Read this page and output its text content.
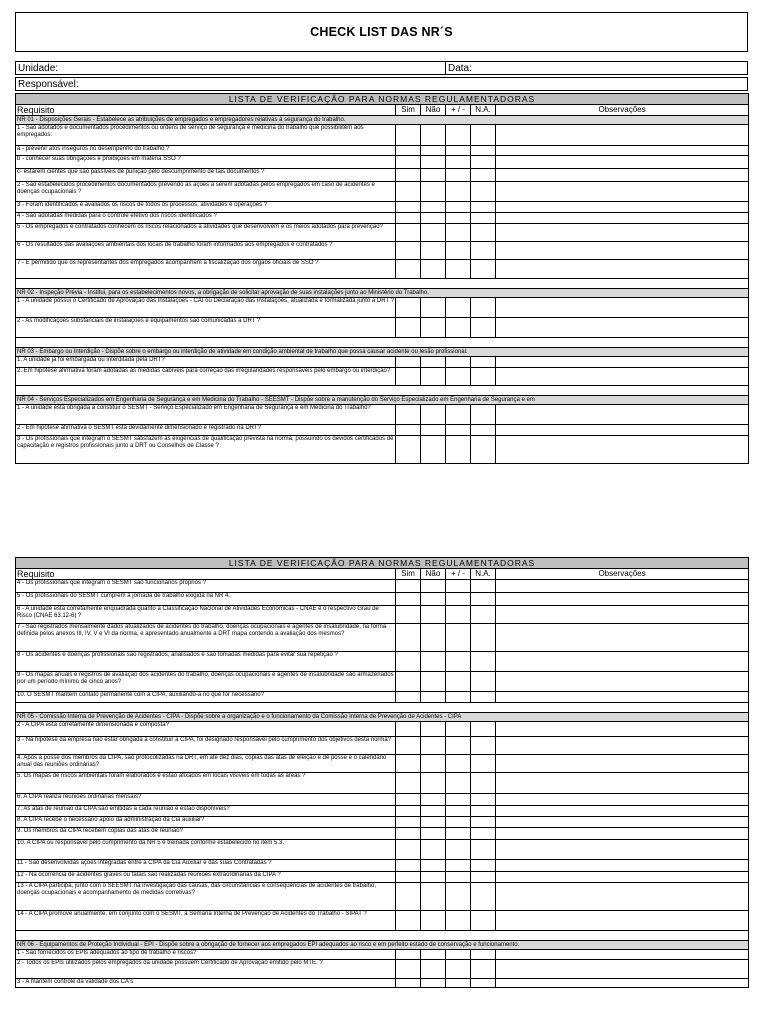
CHECK LIST DAS NR´S
Unidade:	Data:
Responsável:
LISTA DE VERIFICAÇÃO PARA NORMAS REGULAMENTADORAS					
Requisito	Sim	Não	+ / -	N.A.	Observações
NR 01 - Disposições Gerais - Estabelece as atribuições de empregados e empregadores relativas à segurança do trabalho.					
1 - São adotados e documentados procedimentos ou ordens de serviço de segurança e medicina do trabalho que possibilitem aos empregados:					
a - prevenir atos inseguros no desempenho do trabalho ?					
b - conhecer suas obrigações e proibições em matéria SSO ?					
c- estarem cientes que são passíveis de punição pelo descumprimento de tais documentos ?					
2 - São estabelecidos procedimentos documentados prevendo as ações a serem adotadas pelos empregados em caso de acidentes e doenças ocupacionais ?					
3 - Foram identificados e avaliados os riscos de todos os processos, atividades e operações ?					
4 - São adotadas medidas para o controle efetivo dos riscos identificados ?					
5 - Os empregados e contratados conhecem os riscos relacionados a atividades que desenvolvem e os meios adotados para prevenção?					
6 - Os resultados das avaliações ambientais dos locais de trabalho foram informados aos empregados e contratados ?					
7 - É permitido que os representantes dos empregados acompanhem a fiscalização dos orgãos oficiais de SSO ?					

NR 02 - Inspeção Prévia - Institui, para os estabelecimentos novos, a obrigação de solicitar aprovação de suas instalações junto ao Ministério do Trabalho.					
1 - A unidade possui o Certificado de Aprovação das Instalações - CAI ou Declaração das Instalações, atualizada e formalizada junto a DRT ?					
2 - As modificações substanciais de instalações e equipamentos são comunicadas a DRT ?					

NR 03 - Embargo ou Interdição - Dispõe sobre o embargo ou interdição de atividade em condição ambiental de trabalho que possa causar acidente ou lesão profissional.					
1. A unidade já foi embargada ou interditada pela DRT?					
2. Em hipótese afirmativa foram adotadas as medidas cabíveis para correção das irregularidades responsáveis pelo embargo ou interdição?					

NR 04 - Serviços Especializados em Engenharia de Segurança e em Medicina do Trabalho - SEESMT - Dispõe sobre a manutenção do Serviço Especializado em Engenharia de Segurança e em					
1 - A unidade está obrigada a constituir o SESMT - Serviço Especializado em Engenharia de Segurança e em Medicina do Trabalho?					
2 - Em hipótese afirmativa o SESMT está devidamente dimensionado e registrado na DRT?					
3 - Os profissionais que integram o SESMT satisfazem as exigências de qualificação prevista na norma, possuindo os devidos certificados de capacitação e registros profissionais junto a DRT ou Conselhos de Classe ?					
LISTA DE VERIFICAÇÃO PARA NORMAS REGULAMENTADORAS					
Requisito	Sim	Não	+ / -	N.A.	Observações
4 - Os profissionais que integram o SESMT são funcionários próprios ?					
5 - Os profissionais do SESMT cumprem a jornada de trabalho exigida na NR 4.					
6 - A unidade está corretamente enquadrada quanto a Classificação Nacional de Atividades Econômicas - CNAE e o respectivo Grau de Risco (CNAE 63.12-6) ?					
7 - São registrados mensalmente dados atualizados de acidentes do trabalho, doenças ocupacionais e agentes de insalubridade, na forma definida pelos anexos III, IV, V e VI da norma, e apresentado anualmente a DRT mapa contendo a avaliação dos mesmos?					
8 - Os acidentes e doenças profissionais são registrados, analisados e são tomadas medidas para evitar sua repetição ?					
9 - Os mapas anuais e registros de avaliação dos acidentes do trabalho, doenças ocupacionais e agentes de insalubridade são armazenados por um período mínimo de cinco anos?					
10. O SESMT mantém contato permanente com a CIPA, auxiliando-a no que for necessário?					

NR 05 - Comissão Interna de Prevenção de Acidentes - CIPA - Dispõe sobre a organização e o funcionamento da Comissão Interna de Prevenção de Acidentes - CIPA					
2 - A CIPA está corretamente dimensionada e composta?					
3 - Na hipótese da empresa não estar obrigada a constituir a CIPA, foi designado responsável pelo cumprimento dos objetivos desta norma?					
4. Após a posse dos membros da CIPA, são protocolizadas na DRT, em até dez dias, cópias das atas de eleição e de posse e o calendário anual das reuniões ordinárias?					
5. Os mapas de riscos ambientais foram elaborados e estão afixados em locais visíveis em todas as áreas ?					
6. A CIPA realiza reuniões ordinárias mensais?					
7. As atas de reunião da CIPA são emitidas a cada reunião e estão disponíveis?					
8. A CIPA recebe o necessário apoio da administração da Cia auxiliar?					
9. Os membros da CIPA recebem cópias das atas de reunião?					
10. A CIPA ou responsável pelo cumprimento da NR 5 é treinada conforme estabelecido no item 5.3.					
11 - São desenvolvidas ações integradas entre a CIPA da Cia Auxiliar e das suas Contratadas ?					
12 - Na ocorrência de acidentes graves ou fatais são realizadas reuniões extraordinárias da CIPA ?					
13 - A CIPA participa, junto com o SEESMT na investigação das causas, das circunstâncias e consequências de acidentes de trabalho, doenças ocupacionais e acompanhamento de medidas corretivas?					
14 - A CIPA promove anualmente, em conjunto com o SESMT, a Semana Interna de Prevenção de Acidentes do Trabalho - SIPAT ?					

NR 06 - Equipamentos de Proteção Individual - EPI - Dispõe sobre a obrigação de fornecer aos empregados EPI adequados ao risco e em perfeito estado de conservação e funcionamento.					
1 - São fornecidos os EPIs adequados ao tipo de trabalho e riscos?					
2 - Todos os EPIs utilizados pelos empregados da unidade possuem Certificado de Aprovação emitido pelo MTE. ?					
3 - A mantém controle da validade dos CA's					
